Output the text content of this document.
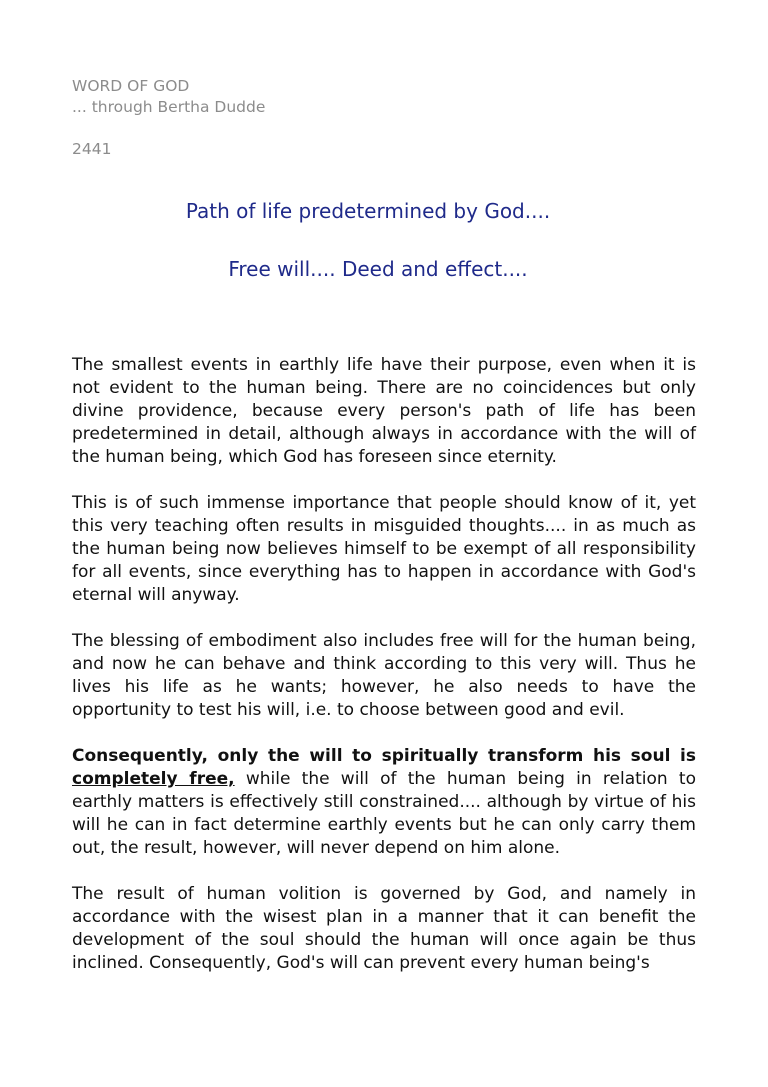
WORD OF GOD

... through Bertha Dudde

2441

Path of life predetermined by God....

Free will.... Deed and effect....

The smallest events in earthly life have their purpose, even when it is not evident to the human being. There are no coincidences but only divine providence, because every person's path of life has been predetermined in detail, although always in accordance with the will of the human being, which God has foreseen since eternity.

This is of such immense importance that people should know of it, yet this very teaching often results in misguided thoughts.... in as much as the human being now believes himself to be exempt of all responsibility for all events, since everything has to happen in accordance with God's eternal will anyway.

The blessing of embodiment also includes free will for the human being, and now he can behave and think according to this very will. Thus he lives his life as he wants; however, he also needs to have the opportunity to test his will, i.e. to choose between good and evil.

Consequently, only the will to spiritually transform his soul is completely free, while the will of the human being in relation to earthly matters is effectively still constrained.... although by virtue of his will he can in fact determine earthly events but he can only carry them out, the result, however, will never depend on him alone.

The result of human volition is governed by God, and namely in accordance with the wisest plan in a manner that it can benefit the development of the soul should the human will once again be thus inclined. Consequently, God's will can prevent every human being's
